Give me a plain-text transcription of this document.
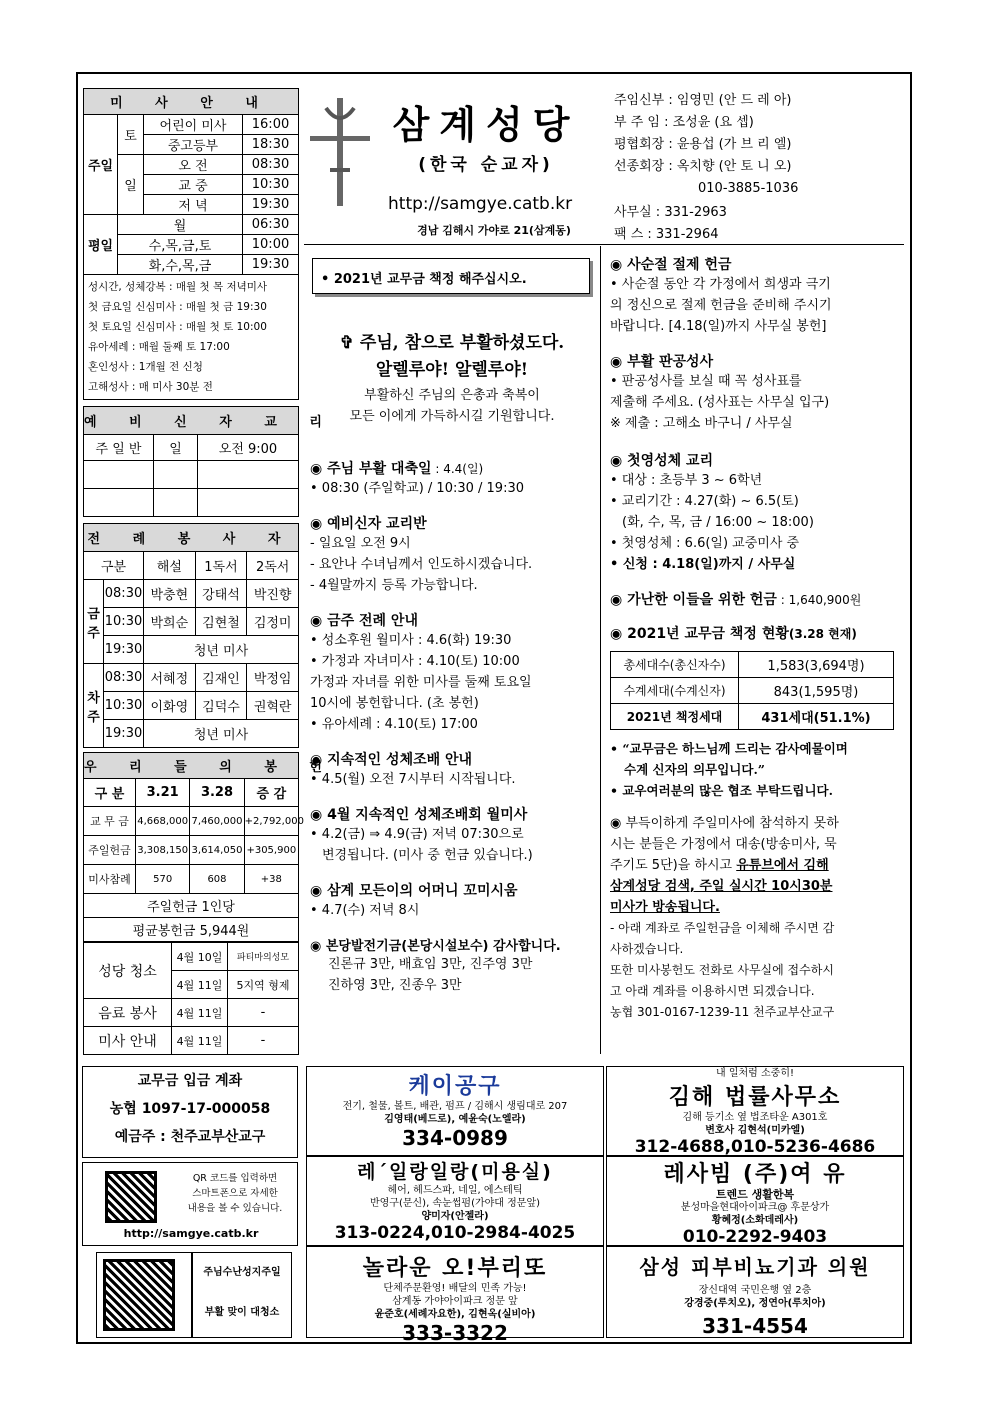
미 사 안 내			
주일	토	어린이 미사	16:00
		중고등부	18:30
	일	오 전	08:30
		교 중	10:30
		저 녁	19:30
평일	월		06:30
	수,목,금,토		10:00
	화,수,목,금		19:30
성시간, 성체강복 : 매월 첫 목 저녁미사
첫 금요일 신심미사 : 매월 첫 금 19:30
첫 토요일 신심미사 : 매월 첫 토 10:00
유아세례 : 매월 둘째 토 17:00
혼인성사 : 1개월 전 신청
고해성사 : 매 미사 30분 전
예 비 신 자 교 리		
주 일 반	일	오전 9:00

전 례 봉 사 자				
구분		해설	1독서	2독서
금주	08:30	박충현	강태석	박진향
	10:30	박희순	김현철	김정미
	19:30	청년 미사		
차주	08:30	서혜정	김재인	박정임
	10:30	이화영	김덕수	권혁란
	19:30	청년 미사		
우 리 들 의 봉 헌			
구 분	3.21	3.28	증 감
교 무 금	4,668,000	7,460,000	+2,792,000
주일헌금	3,308,150	3,614,050	+305,900
미사참례	570	608	+38
주일헌금 1인당			
평균봉헌금 5,944원			
성당 청소	4월 10일	파티마의성모
	4월 11일	5지역 형제
음료 봉사	4월 11일	-
미사 안내	4월 11일	-
삼계성당
(한국 순교자)
http://samgye.catb.kr
경남 김해시 가야로 21(삼계동)
주임신부 : 임영민 (안 드 레 아)
부 주 임 : 조성윤 (요 셉)
평협회장 : 윤용섭 (가 브 리 엘)
선종회장 : 옥치향 (안 토 니 오)
010-3885-1036
사무실 : 331-2963
팩 스 : 331-2964
• 2021년 교무금 책정 해주십시오.
✞ 주님, 참으로 부활하셨도다.
알렐루야! 알렐루야!
부활하신 주님의 은총과 축복이
모든 이에게 가득하시길 기원합니다.
◉ 주님 부활 대축일 : 4.4(일)
• 08:30 (주일학교) / 10:30 / 19:30
◉ 예비신자 교리반
- 일요일 오전 9시
- 요안나 수녀님께서 인도하시겠습니다.
- 4월말까지 등록 가능합니다.
◉ 금주 전례 안내
• 성소후원 월미사 : 4.6(화) 19:30
• 가정과 자녀미사 : 4.10(토) 10:00
가정과 자녀를 위한 미사를 둘째 토요일
10시에 봉헌합니다. (초 봉헌)
• 유아세례 : 4.10(토) 17:00
◉ 지속적인 성체조배 안내
• 4.5(월) 오전 7시부터 시작됩니다.
◉ 4월 지속적인 성체조배회 월미사
• 4.2(금) ⇒ 4.9(금) 저녁 07:30으로
변경됩니다. (미사 중 헌금 있습니다.)
◉ 삼계 모든이의 어머니 꼬미시움
• 4.7(수) 저녁 8시
◉ 본당발전기금(본당시설보수) 감사합니다.
진론규 3만, 배효임 3만, 진주영 3만
진하영 3만, 진종우 3만
◉ 사순절 절제 헌금
• 사순절 동안 각 가정에서 희생과 극기
의 정신으로 절제 헌금을 준비해 주시기
바랍니다. [4.18(일)까지 사무실 봉헌]
◉ 부활 판공성사
• 판공성사를 보실 때 꼭 성사표를
제출해 주세요. (성사표는 사무실 입구)
※ 제출 : 고해소 바구니 / 사무실
◉ 첫영성체 교리
• 대상 : 초등부 3 ~ 6학년
• 교리기간 : 4.27(화) ~ 6.5(토)
(화, 수, 목, 금 / 16:00 ~ 18:00)
• 첫영성체 : 6.6(일) 교중미사 중
• 신청 : 4.18(일)까지 / 사무실
◉ 가난한 이들을 위한 헌금 : 1,640,900원
◉ 2021년 교무금 책정 현황(3.28 현재)
총세대수(총신자수)	1,583(3,694명)
수계세대(수계신자)	843(1,595명)
2021년 책정세대	431세대(51.1%)
• “교무금은 하느님께 드리는 감사예물이며
수계 신자의 의무입니다.”
• 교우여러분의 많은 협조 부탁드립니다.
◉ 부득이하게 주일미사에 참석하지 못하
시는 분들은 가정에서 대송(방송미사, 묵
주기도 5단)을 하시고 유튜브에서 김해
삼계성당 검색, 주일 실시간 10시30분
미사가 방송됩니다.
- 아래 계좌로 주일헌금을 이체해 주시면 감
사하겠습니다.
또한 미사봉헌도 전화로 사무실에 접수하시
고 아래 계좌를 이용하시면 되겠습니다.
농협 301-0167-1239-11 천주교부산교구
교무금 입금 계좌
농협 1097-17-000058
예금주 : 천주교부산교구
QR 코드를 입력하면
스마트폰으로 자세한
내용을 볼 수 있습니다.
http://samgye.catb.kr
주님수난성지주일
부활 맞이 대청소
케이공구
전기, 철물, 볼트, 배관, 펌프 / 김해시 생림대로 207
김영태(베드로), 예윤숙(노엘라)
334-0989
내 일처럼 소중히!
김해 법률사무소
김해 등기소 옆 법조타운 A301호
변호사 김현석(미카엘)
312-4688,010-5236-4686
레´일랑일랑(미용실)
헤어, 헤드스파, 네일, 에스테틱
반영구(문신), 속눈썹펌(가야대 정문앞)
양미자(안젤라)
313-0224,010-2984-4025
레사빔 (주)여 유
트렌드 생활한복
분성마을현대아이파크@ 후문상가
황혜정(소화데레사)
010-2292-9403
놀라운 오!부리또
단체주문환영! 배달의 민족 가능!
삼계동 가야아이파크 정문 앞
윤준호(세례자요한), 김현옥(실비아)
333-3322
삼성 피부비뇨기과 의원
장신대역 국민은행 옆 2층
강경중(루치오), 정연아(루치아)
331-4554
